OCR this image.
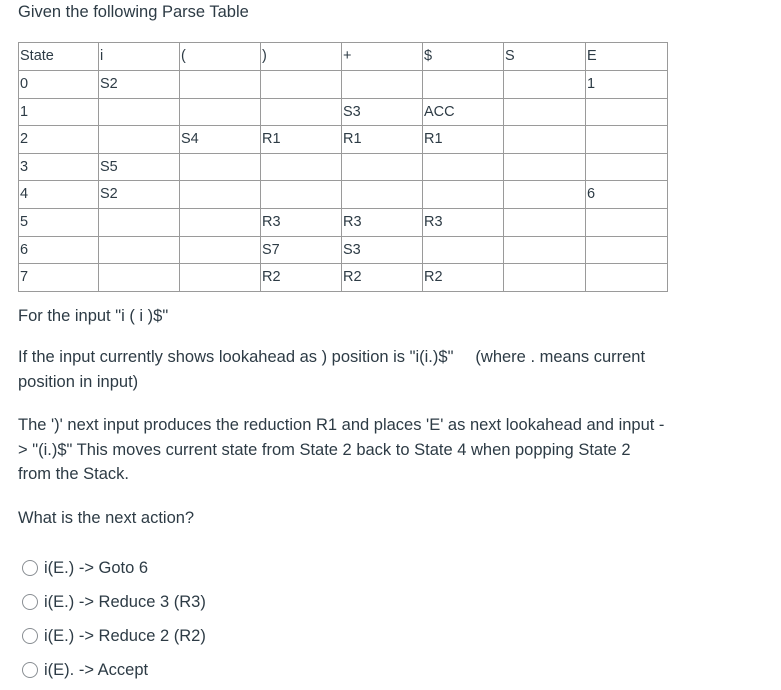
Given the following Parse Table
State	i	(	)	+	$	S	E
0	S2						1
1				S3	ACC		
2		S4	R1	R1	R1		
3	S5						
4	S2						6
5			R3	R3	R3		
6			S7	S3			
7			R2	R2	R2		
For the input "i ( i )$"
If the input currently shows lookahead as ) position is "i(i.)$" (where . means current position in input)
The ')' next input produces the reduction R1 and places 'E' as next lookahead and input -> "(i.)$" This moves current state from State 2 back to State 4 when popping State 2 from the Stack.
What is the next action?
i(E.) -> Goto 6
i(E.) -> Reduce 3 (R3)
i(E.) -> Reduce 2 (R2)
i(E). -> Accept
